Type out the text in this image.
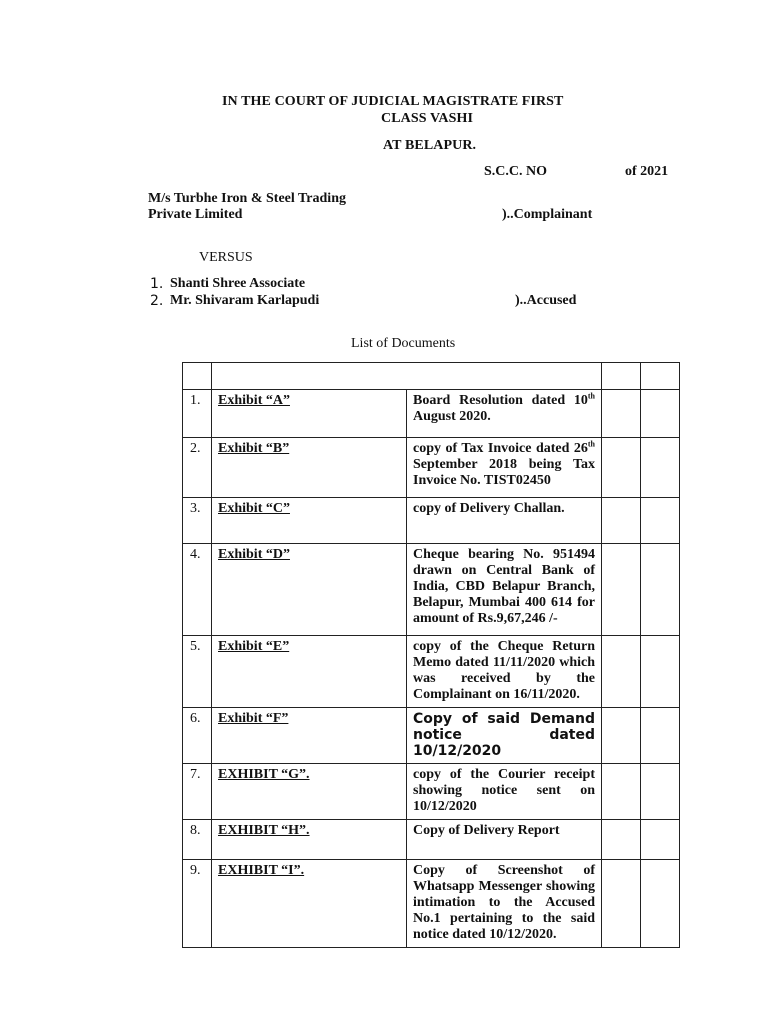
IN THE COURT OF JUDICIAL MAGISTRATE FIRST
CLASS VASHI
AT BELAPUR.
S.C.C. NO	of 2021
M/s Turbhe Iron & Steel Trading
Private Limited	)..Complainant
VERSUS
1. Shanti Shree Associate
2. Mr. Shivaram Karlapudi	)..Accused
List of Documents

1.	Exhibit “A”	Board Resolution dated 10th August 2020.		
2.	Exhibit “B”	copy of Tax Invoice dated 26th September 2018 being Tax Invoice No. TIST02450		
3.	Exhibit “C”	copy of Delivery Challan.		
4.	Exhibit “D”	Cheque bearing No. 951494 drawn on Central Bank of India, CBD Belapur Branch, Belapur, Mumbai 400 614 for amount of Rs.9,67,246 /-		
5.	Exhibit “E”	copy of the Cheque Return Memo dated 11/11/2020 which was received by the Complainant on 16/11/2020.		
6.	Exhibit “F”	Copy of said Demand notice dated 10/12/2020		
7.	EXHIBIT “G”.	copy of the Courier receipt showing notice sent on 10/12/2020		
8.	EXHIBIT “H”.	Copy of Delivery Report		
9.	EXHIBIT “I”.	Copy of Screenshot of Whatsapp Messenger showing intimation to the Accused No.1 pertaining to the said notice dated 10/12/2020.		
